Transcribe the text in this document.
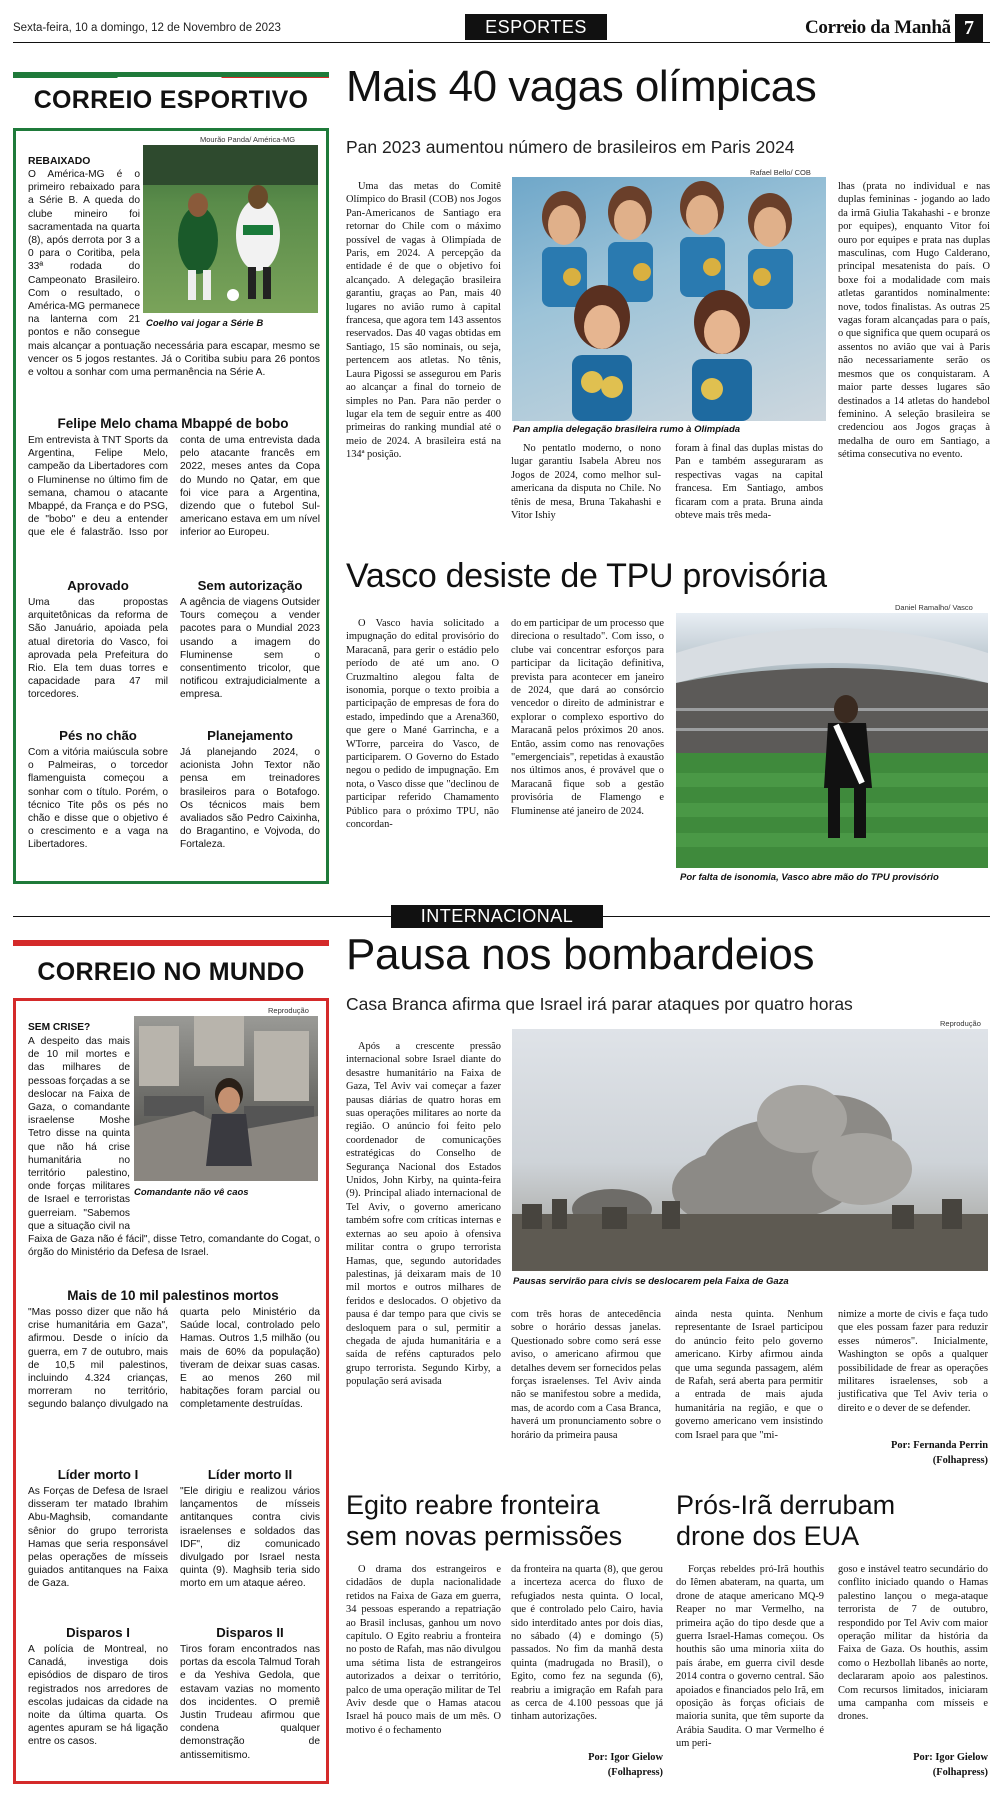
Sexta-feira, 10 a domingo, 12 de Novembro de 2023	ESPORTES	Correio da Manhã 7
CORREIO ESPORTIVO
Mourão Panda/ América-MG
Coelho vai jogar a Série B
REBAIXADO
O América-MG é o primeiro rebaixado para a Série B. A queda do clube mineiro foi sacramentada na quarta (8), após derrota por 3 a 0 para o Coritiba, pela 33ª rodada do Campeonato Brasileiro. Com o resultado, o América-MG permanece na lanterna com 21 pontos e não consegue mais alcançar a pontuação necessária para escapar, mesmo se vencer os 5 jogos restantes. Já o Coritiba subiu para 26 pontos e voltou a sonhar com uma permanência na Série A.
Felipe Melo chama Mbappé de bobo
Em entrevista à TNT Sports da Argentina, Felipe Melo, campeão da Libertadores com o Fluminense no último fim de semana, chamou o atacante Mbappé, da França e do PSG, de "bobo" e deu a entender que ele é falastrão. Isso por conta de uma entrevista dada pelo atacante francês em 2022, meses antes da Copa do Mundo no Qatar, em que foi vice para a Argentina, dizendo que o futebol Sul-americano estava em um nível inferior ao Europeu.
Aprovado
Uma das propostas arquitetônicas da reforma de São Januário, apoiada pela atual diretoria do Vasco, foi aprovada pela Prefeitura do Rio. Ela tem duas torres e capacidade para 47 mil torcedores.
Sem autorização
A agência de viagens Outsider Tours começou a vender pacotes para o Mundial 2023 usando a imagem do Fluminense sem o consentimento tricolor, que notificou extrajudicialmente a empresa.
Pés no chão
Com a vitória maiúscula sobre o Palmeiras, o torcedor flamenguista começou a sonhar com o título. Porém, o técnico Tite pôs os pés no chão e disse que o objetivo é o crescimento e a vaga na Libertadores.
Planejamento
Já planejando 2024, o acionista John Textor não pensa em treinadores brasileiros para o Botafogo. Os técnicos mais bem avaliados são Pedro Caixinha, do Bragantino, e Vojvoda, do Fortaleza.
Mais 40 vagas olímpicas
Pan 2023 aumentou número de brasileiros em Paris 2024
Rafael Bello/ COB
Pan amplia delegação brasileira rumo à Olimpíada
Uma das metas do Comitê Olímpico do Brasil (COB) nos Jogos Pan-Americanos de Santiago era retornar do Chile com o máximo possível de vagas à Olimpíada de Paris, em 2024. A percepção da entidade é de que o objetivo foi alcançado. A delegação brasileira garantiu, graças ao Pan, mais 40 lugares no avião rumo à capital francesa, que agora tem 143 assentos reservados. Das 40 vagas obtidas em Santiago, 15 são nominais, ou seja, pertencem aos atletas. No tênis, Laura Pigossi se assegurou em Paris ao alcançar a final do torneio de simples no Pan. Para não perder o lugar ela tem de seguir entre as 400 primeiras do ranking mundial até o meio de 2024. A brasileira está na 134ª posição.
No pentatlo moderno, o nono lugar garantiu Isabela Abreu nos Jogos de 2024, como melhor sul-americana da disputa no Chile. No tênis de mesa, Bruna Takahashi e Vitor Ishiy
foram à final das duplas mistas do Pan e também asseguraram as respectivas vagas na capital francesa. Em Santiago, ambos ficaram com a prata. Bruna ainda obteve mais três meda-
lhas (prata no individual e nas duplas femininas - jogando ao lado da irmã Giulia Takahashi - e bronze por equipes), enquanto Vitor foi ouro por equipes e prata nas duplas masculinas, com Hugo Calderano, principal mesatenista do país. O boxe foi a modalidade com mais atletas garantidos nominalmente: nove, todos finalistas. As outras 25 vagas foram alcançadas para o país, o que significa que quem ocupará os assentos no avião que vai à Paris não necessariamente serão os mesmos que os conquistaram. A maior parte desses lugares são destinados a 14 atletas do handebol feminino. A seleção brasileira se credenciou aos Jogos graças à medalha de ouro em Santiago, a sétima consecutiva no evento.
Vasco desiste de TPU provisória
Daniel Ramalho/ Vasco
Por falta de isonomia, Vasco abre mão do TPU provisório
O Vasco havia solicitado a impugnação do edital provisório do Maracanã, para gerir o estádio pelo período de até um ano. O Cruzmaltino alegou falta de isonomia, porque o texto proibia a participação de empresas de fora do estado, impedindo que a Arena360, que gere o Mané Garrincha, e a WTorre, parceira do Vasco, de participarem. O Governo do Estado negou o pedido de impugnação. Em nota, o Vasco disse que "declinou de participar referido Chamamento Público para o próximo TPU, não concordan-
do em participar de um processo que direciona o resultado". Com isso, o clube vai concentrar esforços para participar da licitação definitiva, prevista para acontecer em janeiro de 2024, que dará ao consórcio vencedor o direito de administrar e explorar o complexo esportivo do Maracanã pelos próximos 20 anos. Então, assim como nas renovações "emergenciais", repetidas à exaustão nos últimos anos, é provável que o Maracanã fique sob a gestão provisória de Flamengo e Fluminense até janeiro de 2024.
INTERNACIONAL
CORREIO NO MUNDO
Reprodução
Comandante não vê caos
SEM CRISE?
A despeito das mais de 10 mil mortes e das milhares de pessoas forçadas a se deslocar na Faixa de Gaza, o comandante israelense Moshe Tetro disse na quinta que não há crise humanitária no território palestino, onde forças militares de Israel e terroristas guerreiam. "Sabemos que a situação civil na Faixa de Gaza não é fácil", disse Tetro, comandante do Cogat, o órgão do Ministério da Defesa de Israel.
Mais de 10 mil palestinos mortos
"Mas posso dizer que não há crise humanitária em Gaza", afirmou. Desde o início da guerra, em 7 de outubro, mais de 10,5 mil palestinos, incluindo 4.324 crianças, morreram no território, segundo balanço divulgado na quarta pelo Ministério da Saúde local, controlado pelo Hamas. Outros 1,5 milhão (ou mais de 60% da população) tiveram de deixar suas casas. E ao menos 260 mil habitações foram parcial ou completamente destruídas.
Líder morto I
As Forças de Defesa de Israel disseram ter matado Ibrahim Abu-Maghsib, comandante sênior do grupo terrorista Hamas que seria responsável pelas operações de mísseis guiados antitanques na Faixa de Gaza.
Líder morto II
"Ele dirigiu e realizou vários lançamentos de mísseis antitanques contra civis israelenses e soldados das IDF", diz comunicado divulgado por Israel nesta quinta (9). Maghsib teria sido morto em um ataque aéreo.
Disparos I
A polícia de Montreal, no Canadá, investiga dois episódios de disparo de tiros registrados nos arredores de escolas judaicas da cidade na noite da última quarta. Os agentes apuram se há ligação entre os casos.
Disparos II
Tiros foram encontrados nas portas da escola Talmud Torah e da Yeshiva Gedola, que estavam vazias no momento dos incidentes. O premiê Justin Trudeau afirmou que condena qualquer demonstração de antissemitismo.
Pausa nos bombardeios
Casa Branca afirma que Israel irá parar ataques por quatro horas
Reprodução
Pausas servirão para civis se deslocarem pela Faixa de Gaza
Após a crescente pressão internacional sobre Israel diante do desastre humanitário na Faixa de Gaza, Tel Aviv vai começar a fazer pausas diárias de quatro horas em suas operações militares ao norte da região. O anúncio foi feito pelo coordenador de comunicações estratégicas do Conselho de Segurança Nacional dos Estados Unidos, John Kirby, na quinta-feira (9). Principal aliado internacional de Tel Aviv, o governo americano também sofre com críticas internas e externas ao seu apoio à ofensiva militar contra o grupo terrorista Hamas, que, segundo autoridades palestinas, já deixaram mais de 10 mil mortos e outros milhares de feridos e deslocados. O objetivo da pausa é dar tempo para que civis se desloquem para o sul, permitir a chegada de ajuda humanitária e a saída de reféns capturados pelo grupo terrorista. Segundo Kirby, a população será avisada
com três horas de antecedência sobre o horário dessas janelas. Questionado sobre como será esse aviso, o americano afirmou que detalhes devem ser fornecidos pelas forças israelenses. Tel Aviv ainda não se manifestou sobre a medida, mas, de acordo com a Casa Branca, haverá um pronunciamento sobre o horário da primeira pausa
ainda nesta quinta. Nenhum representante de Israel participou do anúncio feito pelo governo americano. Kirby afirmou ainda que uma segunda passagem, além de Rafah, será aberta para permitir a entrada de mais ajuda humanitária na região, e que o governo americano vem insistindo com Israel para que "mi-
nimize a morte de civis e faça tudo que eles possam fazer para reduzir esses números". Inicialmente, Washington se opôs a qualquer possibilidade de frear as operações militares israelenses, sob a justificativa que Tel Aviv teria o direito e o dever de se defender.
Por: Fernanda Perrin
(Folhapress)
Egito reabre fronteira
sem novas permissões
O drama dos estrangeiros e cidadãos de dupla nacionalidade retidos na Faixa de Gaza em guerra, 34 pessoas esperando a repatriação ao Brasil inclusas, ganhou um novo capítulo. O Egito reabriu a fronteira no posto de Rafah, mas não divulgou uma sétima lista de estrangeiros autorizados a deixar o território, palco de uma operação militar de Tel Aviv desde que o Hamas atacou Israel há pouco mais de um mês. O motivo é o fechamento
da fronteira na quarta (8), que gerou a incerteza acerca do fluxo de refugiados nesta quinta. O local, que é controlado pelo Cairo, havia sido interditado antes por dois dias, no sábado (4) e domingo (5) passados. No fim da manhã desta quinta (madrugada no Brasil), o Egito, como fez na segunda (6), reabriu a imigração em Rafah para as cerca de 4.100 pessoas que já tinham autorizações.
Por: Igor Gielow
(Folhapress)
Prós-Irã derrubam
drone dos EUA
Forças rebeldes pró-Irã houthis do Iêmen abateram, na quarta, um drone de ataque americano MQ-9 Reaper no mar Vermelho, na primeira ação do tipo desde que a guerra Israel-Hamas começou. Os houthis são uma minoria xiita do país árabe, em guerra civil desde 2014 contra o governo central. São apoiados e financiados pelo Irã, em oposição às forças oficiais de maioria sunita, que têm suporte da Arábia Saudita. O mar Vermelho é um peri-
goso e instável teatro secundário do conflito iniciado quando o Hamas palestino lançou o mega-ataque terrorista de 7 de outubro, respondido por Tel Aviv com maior operação militar da história da Faixa de Gaza. Os houthis, assim como o Hezbollah libanês ao norte, declararam apoio aos palestinos. Com recursos limitados, iniciaram uma campanha com mísseis e drones.
Por: Igor Gielow
(Folhapress)
